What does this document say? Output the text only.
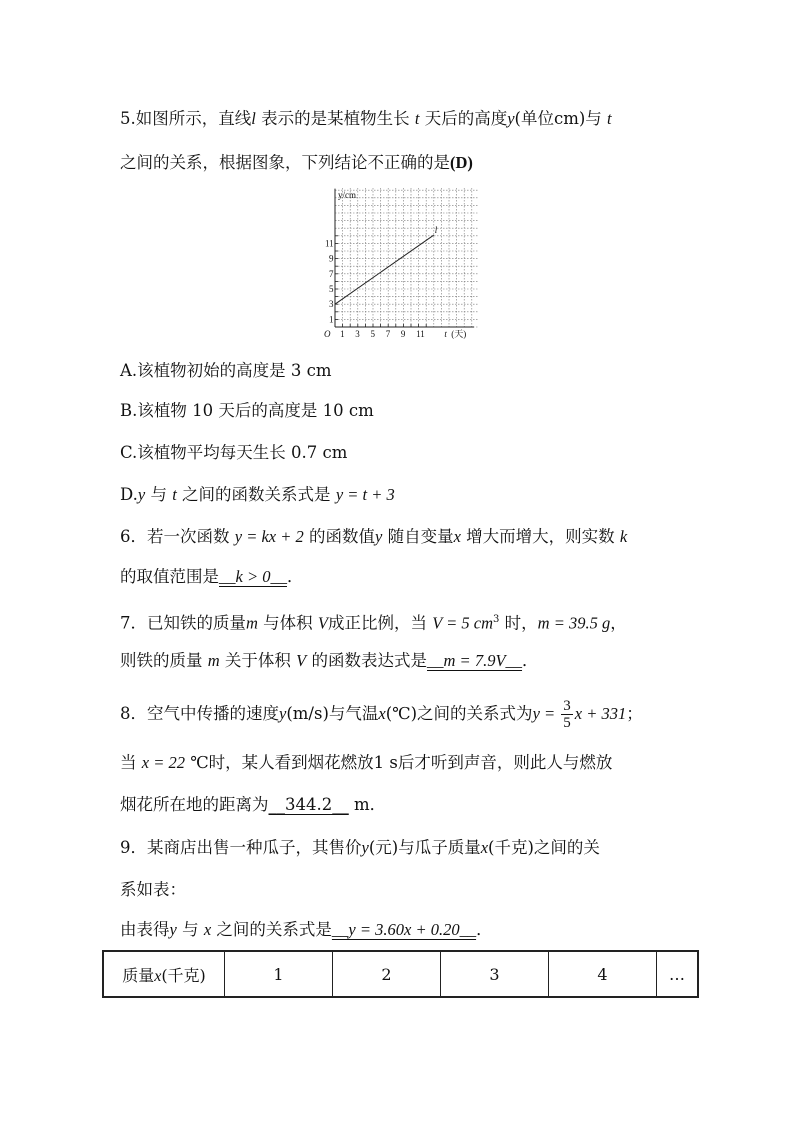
5.如图所示，直线l 表示的是某植物生长 t 天后的高度y(单位cm)与 t
之间的关系，根据图象，下列结论不正确的是(D)
1 3 5 7 9 11
1
3
5
7
9
11
O
y/cm
t (天)
l
A.该植物初始的高度是 3 cm
B.该植物 10 天后的高度是 10 cm
C.该植物平均每天生长 0.7 cm
D.y 与 t 之间的函数关系式是 y = t + 3
6．若一次函数 y = kx + 2 的函数值y 随自变量x 增大而增大，则实数 k
的取值范围是__k > 0__．
7．已知铁的质量m 与体积 V成正比例，当 V = 5 $cm^3$ 时，m = 39.5 g，
则铁的质量 m 关于体积 V 的函数表达式是__m = 7.9V__．
8．空气中传播的速度y(m/s)与气温x(℃)之间的关系式为$y = \frac{3}{5}$ x + 331；
当 x = 22 ℃时，某人看到烟花燃放1 s后才听到声音，则此人与燃放
烟花所在地的距离为__344.2__ m．
9．某商店出售一种瓜子，其售价y(元)与瓜子质量x(千克)之间的关
系如表：
由表得y 与 x 之间的关系式是__y = 3.60x + 0.20__．
质量x(千克)	1	2	3	4	…
